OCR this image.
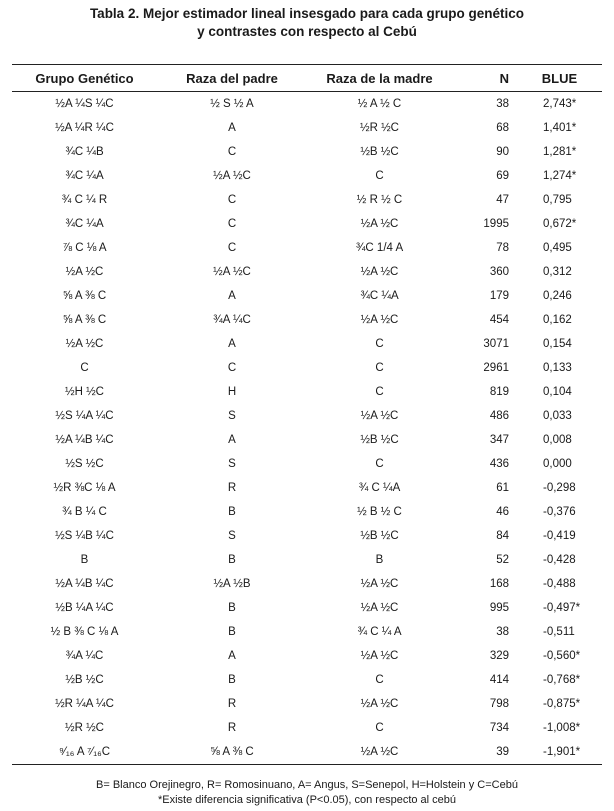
Tabla 2. Mejor estimador lineal insesgado para cada grupo genético
y contrastes con respecto al Cebú
Grupo Genético	Raza del padre	Raza de la madre	N	BLUE
½A ¼S ¼C	½ S ½ A	½ A ½ C	38	2,743*
½A ¼R ¼C	A	½R ½C	68	1,401*
¾C ¼B	C	½B ½C	90	1,281*
¾C ¼A	½A ½C	C	69	1,274*
¾ C ¼ R	C	½ R ½ C	47	0,795
¾C ¼A	C	½A ½C	1995	0,672*
⅞ C ⅛ A	C	¾C 1/4 A	78	0,495
½A ½C	½A ½C	½A ½C	360	0,312
⅝ A ⅜ C	A	¾C ¼A	179	0,246
⅝ A ⅜ C	¾A ¼C	½A ½C	454	0,162
½A ½C	A	C	3071	0,154
C	C	C	2961	0,133
½H ½C	H	C	819	0,104
½S ¼A ¼C	S	½A ½C	486	0,033
½A ¼B ¼C	A	½B ½C	347	0,008
½S ½C	S	C	436	0,000
½R ⅜C ⅛ A	R	¾ C ¼A	61	-0,298
¾ B ¼ C	B	½ B ½ C	46	-0,376
½S ¼B ¼C	S	½B ½C	84	-0,419
B	B	B	52	-0,428
½A ¼B ¼C	½A ½B	½A ½C	168	-0,488
½B ¼A ¼C	B	½A ½C	995	-0,497*
½ B ⅜ C ⅛ A	B	¾ C ¼ A	38	-0,511
¾A ¼C	A	½A ½C	329	-0,560*
½B ½C	B	C	414	-0,768*
½R ¼A ¼C	R	½A ½C	798	-0,875*
½R ½C	R	C	734	-1,008*
⁹⁄₁₆ A ⁷⁄₁₆C	⅝ A ⅜ C	½A ½C	39	-1,901*
B= Blanco Orejinegro, R= Romosinuano, A= Angus, S=Senepol, H=Holstein y C=Cebú
*Existe diferencia significativa (P<0.05), con respecto al cebú
